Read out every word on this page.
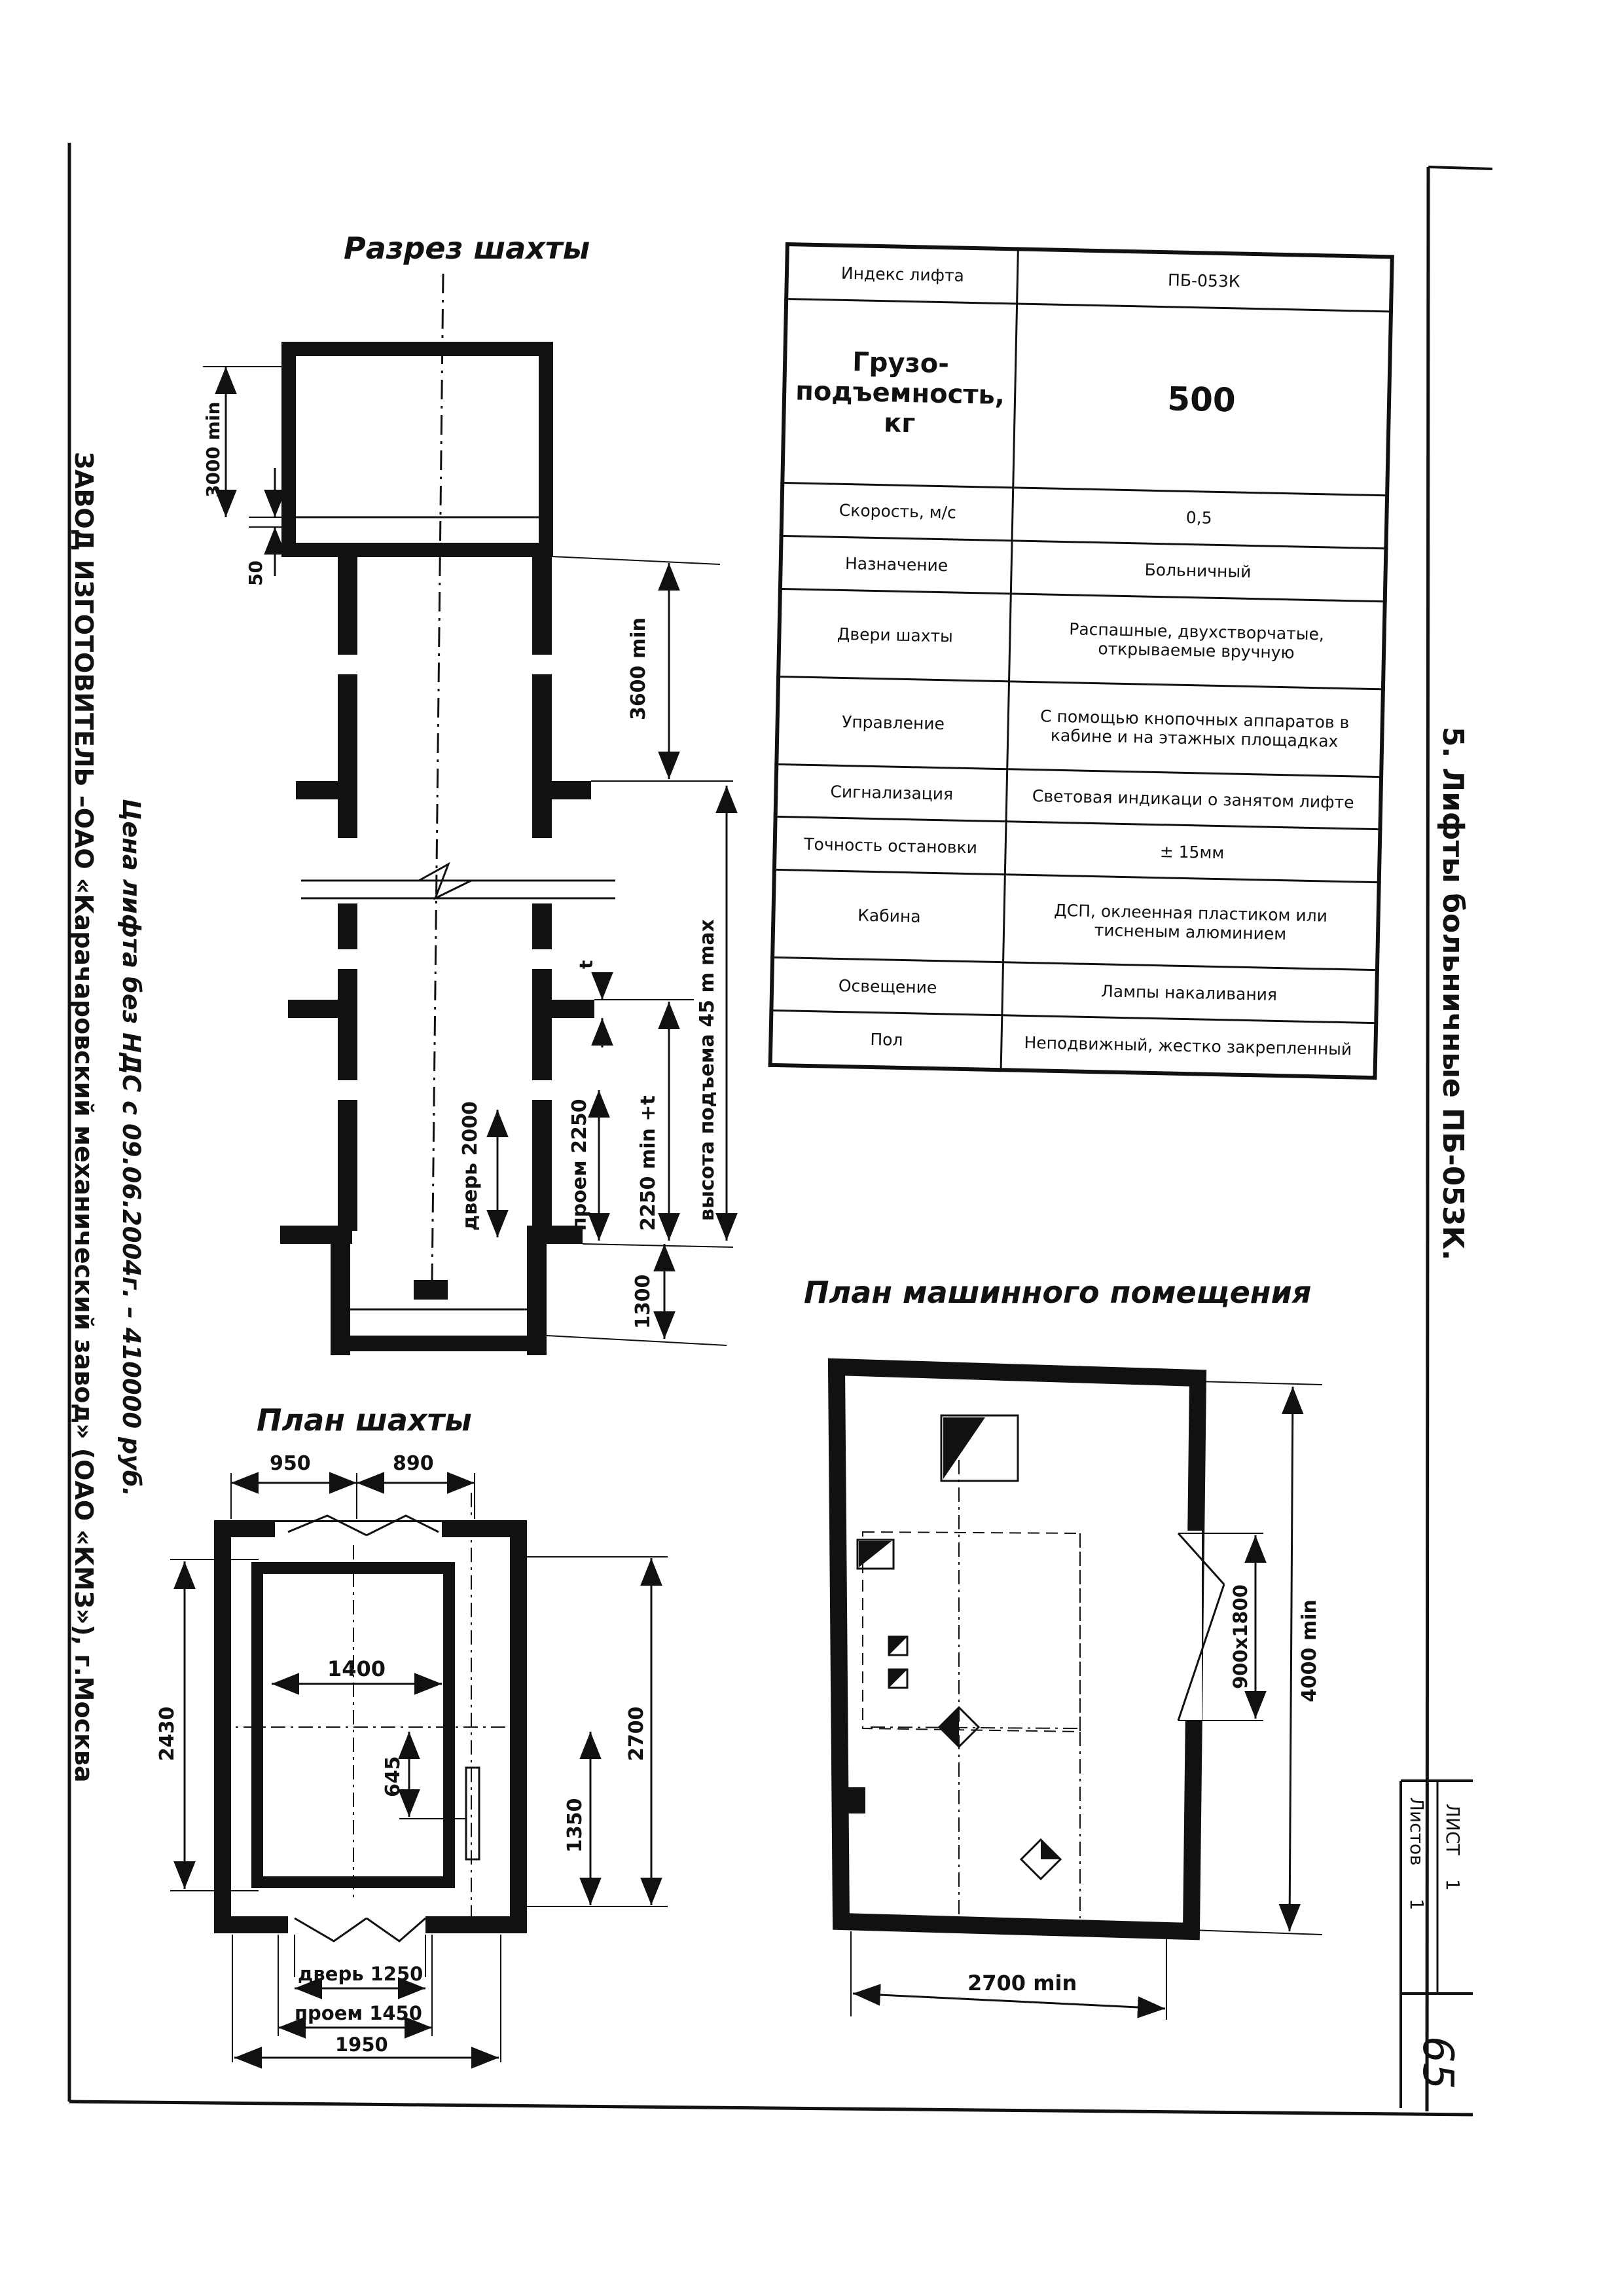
Разрез шахты
План шахты
План машинного помещения
5. Лифты больничные ПБ-053К.
ЗАВОД ИЗГОТОВИТЕЛЬ –ОАО «Карачаровский механический завод» (ОАО «КМЗ»), г.Москва Цена лифта без НДС с 09.06.2004г. – 410000 руб.
3000 min
50
3600 min
высота подъема 45 m max
2250 min +t
проем 2250
дверь 2000
t
1300
950	890
1400
2430
645
1350
2700
дверь 1250
проем 1450
1950
900х1800 4000 min
2700 min
ЛИСТ
1
Листов
1
65
Индекс лифта	ПБ-053К
Грузо-
подъемность, кг	500
Скорость, м/с	0,5
Назначение	Больничный
Двери шахты	Распашные, двухстворчатые, открываемые вручную
Управление	С помощью кнопочных аппаратов в кабине и на этажных площадках
Сигнализация	Световая индикаци о занятом лифте
Точность остановки	± 15мм
Кабина	ДСП, оклеенная пластиком или тисненым алюминием
Освещение	Лампы накаливания
Пол	Неподвижный, жестко закрепленный
